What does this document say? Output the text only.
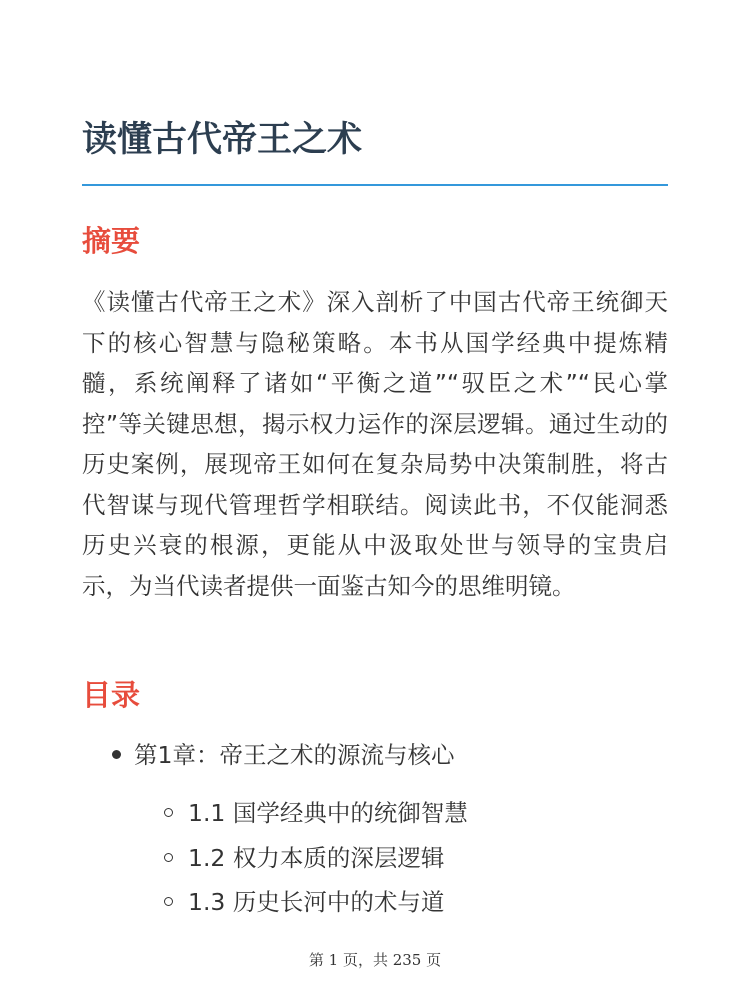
读懂古代帝王之术
摘要

《读懂古代帝王之术》深入剖析了中国古代帝王统御天下的核心智慧与隐秘策略。本书从国学经典中提炼精髓，系统阐释了诸如“平衡之道”“驭臣之术”“民心掌控”等关键思想，揭示权力运作的深层逻辑。通过生动的历史案例，展现帝王如何在复杂局势中决策制胜，将古代智谋与现代管理哲学相联结。阅读此书，不仅能洞悉历史兴衰的根源，更能从中汲取处世与领导的宝贵启示，为当代读者提供一面鉴古知今的思维明镜。

目录
第1章：帝王之术的源流与核心
1.1 国学经典中的统御智慧
1.2 权力本质的深层逻辑
1.3 历史长河中的术与道
第 1 页，共 235 页
